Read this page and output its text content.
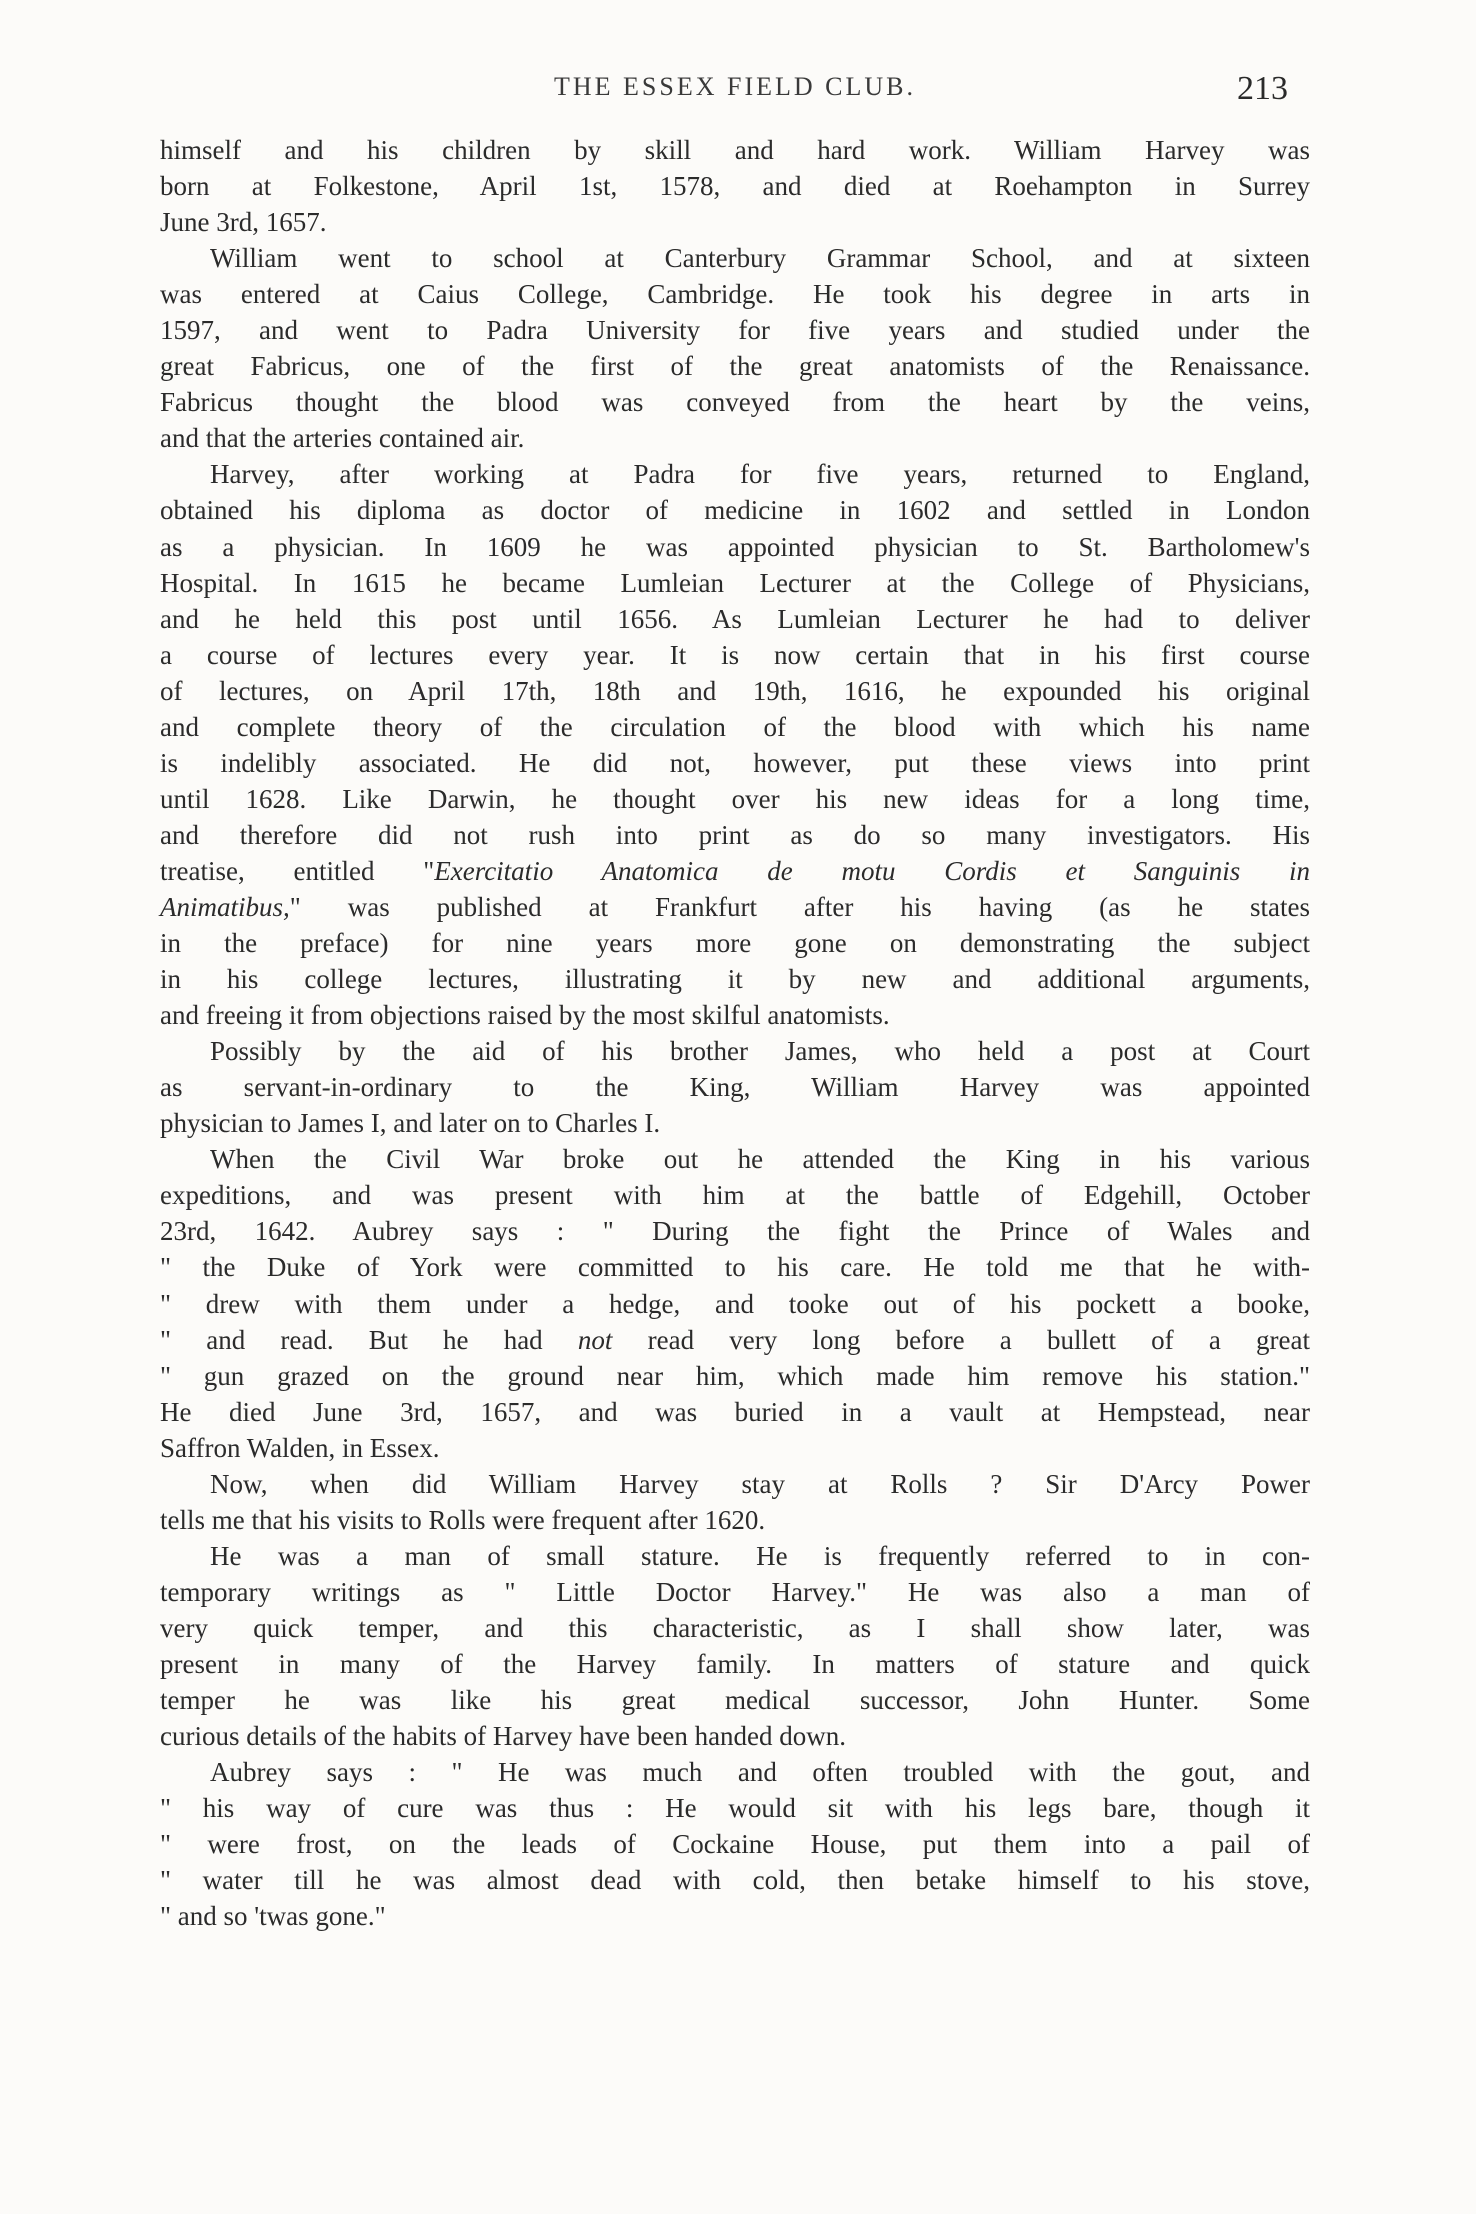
THE ESSEX FIELD CLUB.	213
himself and his children by skill and hard work. William Harvey was
born at Folkestone, April 1st, 1578, and died at Roehampton in Surrey
June 3rd, 1657.
William went to school at Canterbury Grammar School, and at sixteen
was entered at Caius College, Cambridge. He took his degree in arts in
1597, and went to Padra University for five years and studied under the
great Fabricus, one of the first of the great anatomists of the Renaissance.
Fabricus thought the blood was conveyed from the heart by the veins,
and that the arteries contained air.
Harvey, after working at Padra for five years, returned to England,
obtained his diploma as doctor of medicine in 1602 and settled in London
as a physician. In 1609 he was appointed physician to St. Bartholomew's
Hospital. In 1615 he became Lumleian Lecturer at the College of Physicians,
and he held this post until 1656. As Lumleian Lecturer he had to deliver
a course of lectures every year. It is now certain that in his first course
of lectures, on April 17th, 18th and 19th, 1616, he expounded his original
and complete theory of the circulation of the blood with which his name
is indelibly associated. He did not, however, put these views into print
until 1628. Like Darwin, he thought over his new ideas for a long time,
and therefore did not rush into print as do so many investigators. His
treatise, entitled "Exercitatio Anatomica de motu Cordis et Sanguinis in
Animatibus," was published at Frankfurt after his having (as he states
in the preface) for nine years more gone on demonstrating the subject
in his college lectures, illustrating it by new and additional arguments,
and freeing it from objections raised by the most skilful anatomists.
Possibly by the aid of his brother James, who held a post at Court
as servant-in-ordinary to the King, William Harvey was appointed
physician to James I, and later on to Charles I.
When the Civil War broke out he attended the King in his various
expeditions, and was present with him at the battle of Edgehill, October
23rd, 1642. Aubrey says : " During the fight the Prince of Wales and
" the Duke of York were committed to his care. He told me that he with-
" drew with them under a hedge, and tooke out of his pockett a booke,
" and read. But he had not read very long before a bullett of a great
" gun grazed on the ground near him, which made him remove his station."
He died June 3rd, 1657, and was buried in a vault at Hempstead, near
Saffron Walden, in Essex.
Now, when did William Harvey stay at Rolls ? Sir D'Arcy Power
tells me that his visits to Rolls were frequent after 1620.
He was a man of small stature. He is frequently referred to in con-
temporary writings as " Little Doctor Harvey." He was also a man of
very quick temper, and this characteristic, as I shall show later, was
present in many of the Harvey family. In matters of stature and quick
temper he was like his great medical successor, John Hunter. Some
curious details of the habits of Harvey have been handed down.
Aubrey says : " He was much and often troubled with the gout, and
" his way of cure was thus : He would sit with his legs bare, though it
" were frost, on the leads of Cockaine House, put them into a pail of
" water till he was almost dead with cold, then betake himself to his stove,
" and so 'twas gone."
